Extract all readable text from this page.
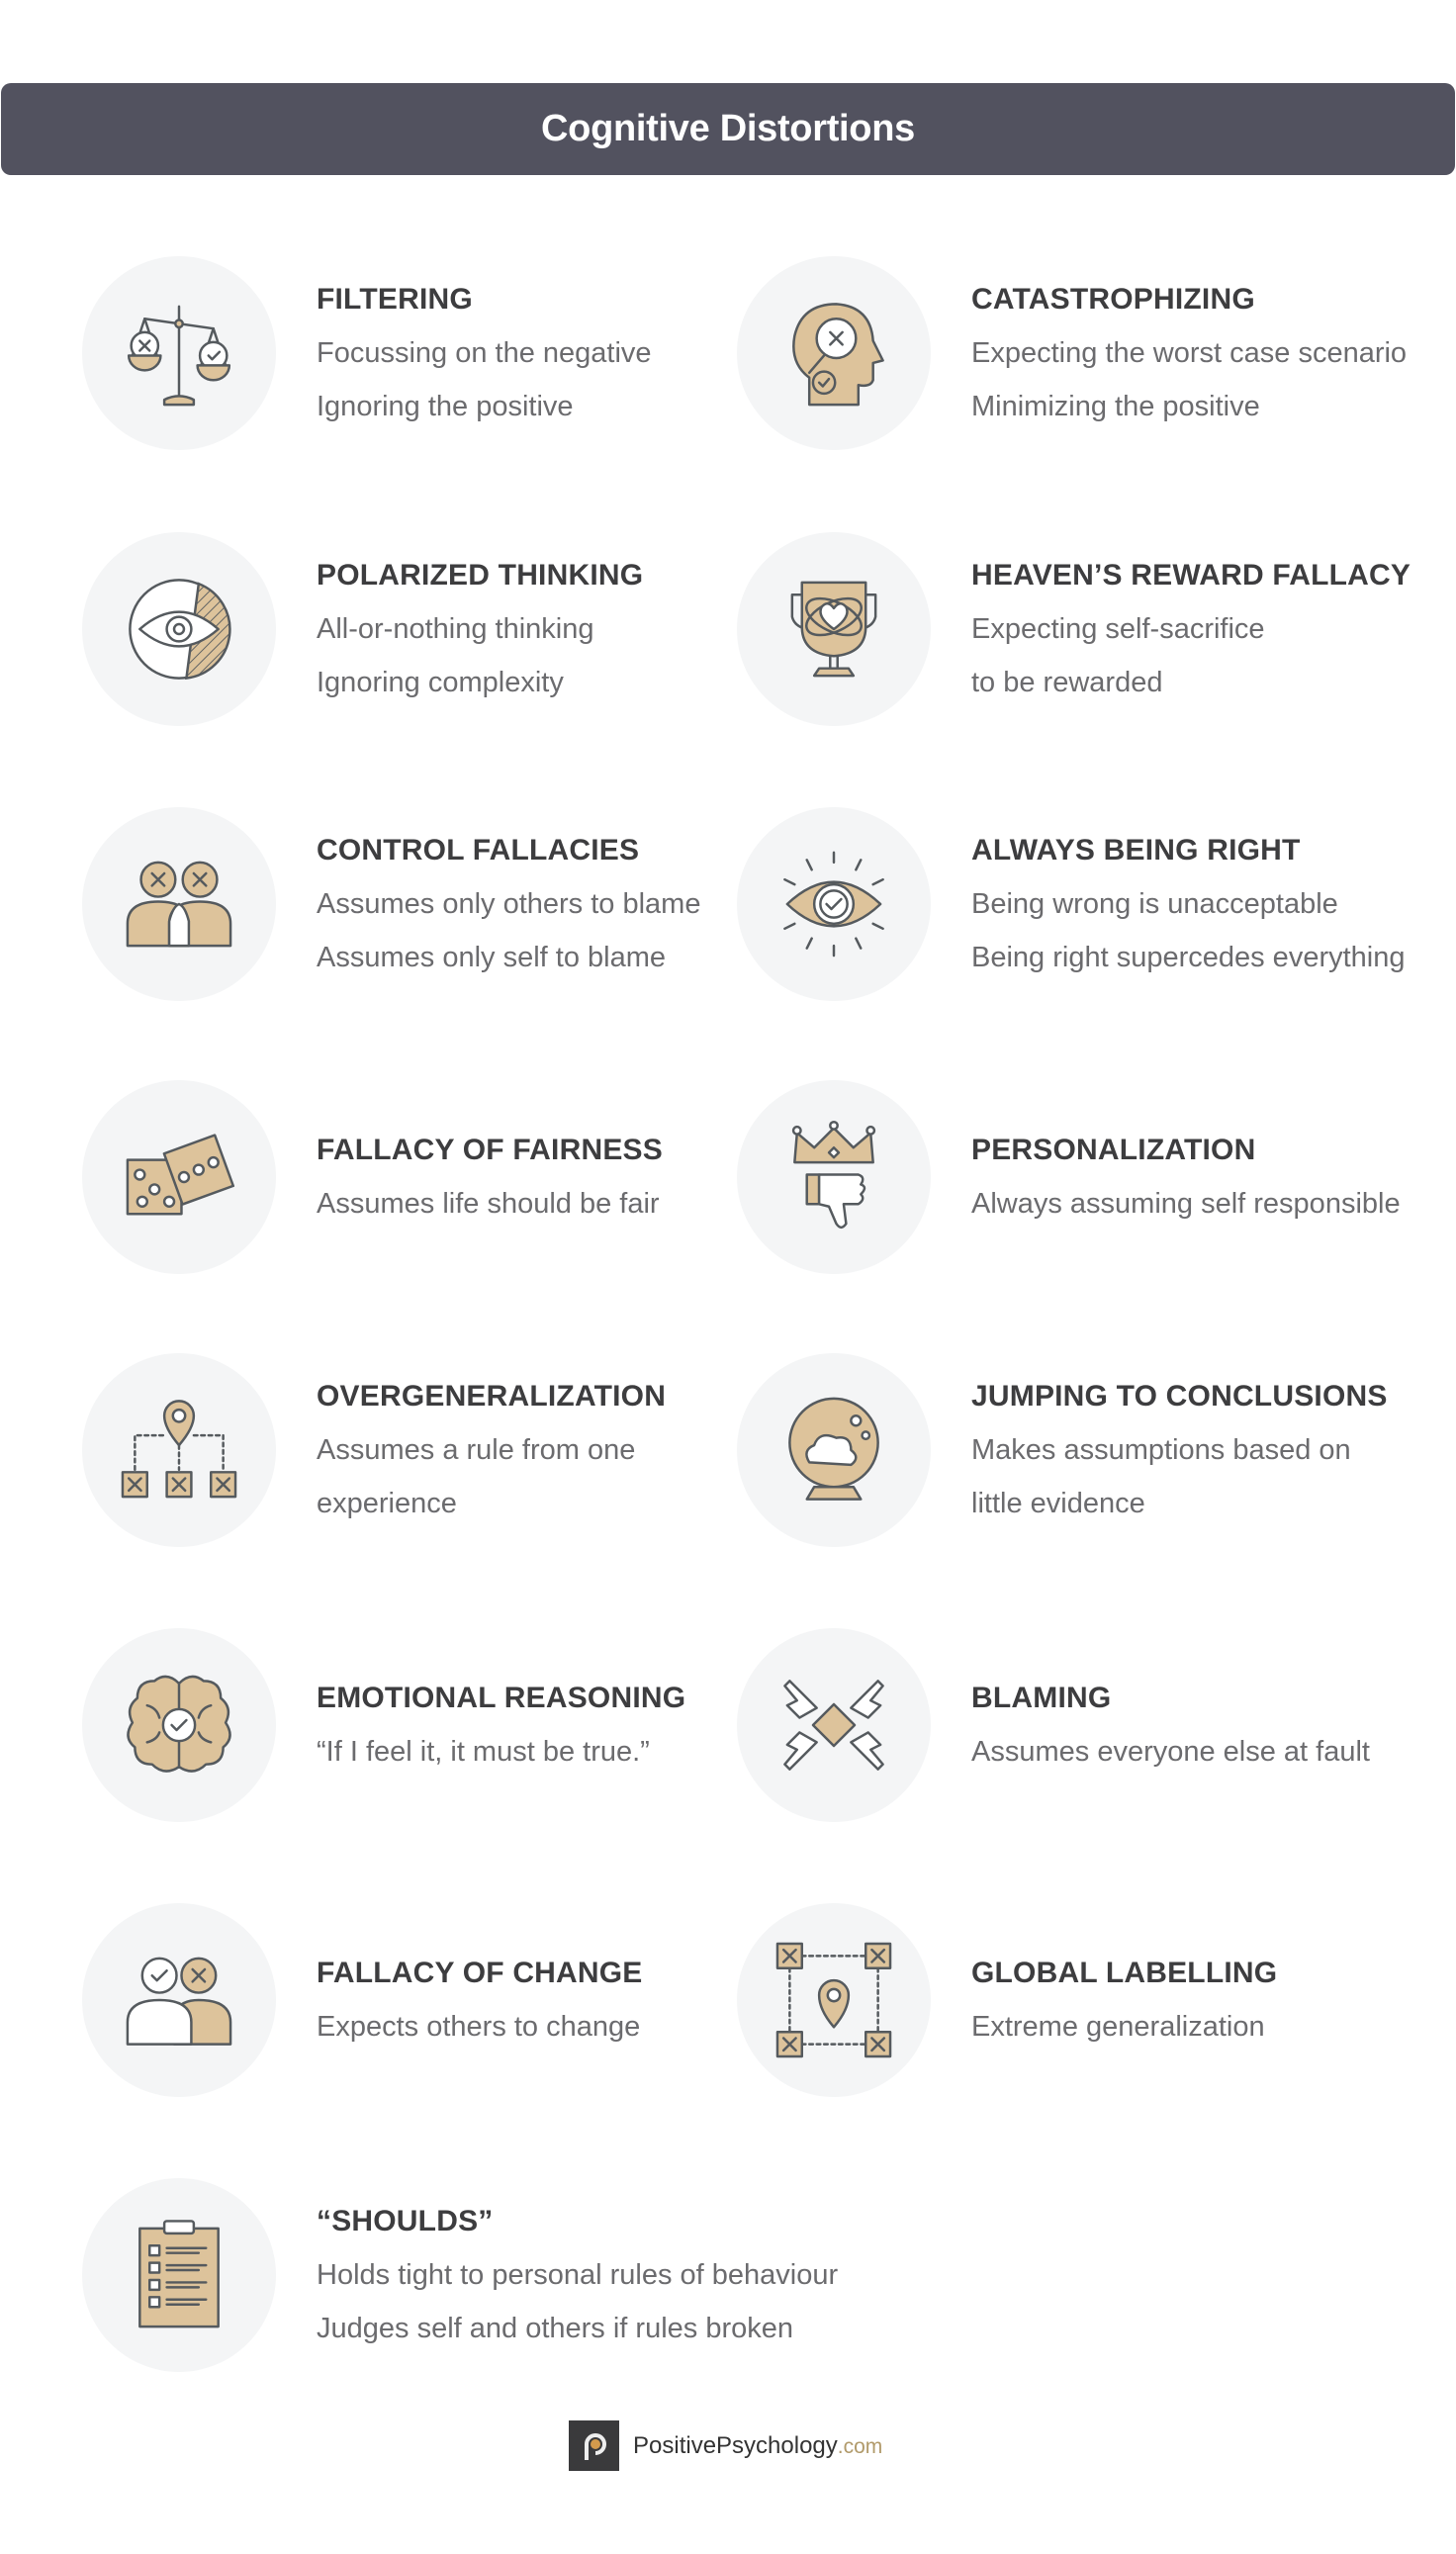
Cognitive Distortions
FILTERING
Focussing on the negative
Ignoring the positive
CATASTROPHIZING
Expecting the worst case scenario
Minimizing the positive
POLARIZED THINKING
All-or-nothing thinking
Ignoring complexity
HEAVEN’S REWARD FALLACY
Expecting self-sacrifice
to be rewarded
CONTROL FALLACIES
Assumes only others to blame
Assumes only self to blame
ALWAYS BEING RIGHT
Being wrong is unacceptable
Being right supercedes everything
FALLACY OF FAIRNESS
Assumes life should be fair
PERSONALIZATION
Always assuming self responsible
OVERGENERALIZATION
Assumes a rule from one
experience
JUMPING TO CONCLUSIONS
Makes assumptions based on
little evidence
EMOTIONAL REASONING
“If I feel it, it must be true.”
BLAMING
Assumes everyone else at fault
FALLACY OF CHANGE
Expects others to change
GLOBAL LABELLING
Extreme generalization
“SHOULDS”
Holds tight to personal rules of behaviour
Judges self and others if rules broken
PositivePsychology.com
